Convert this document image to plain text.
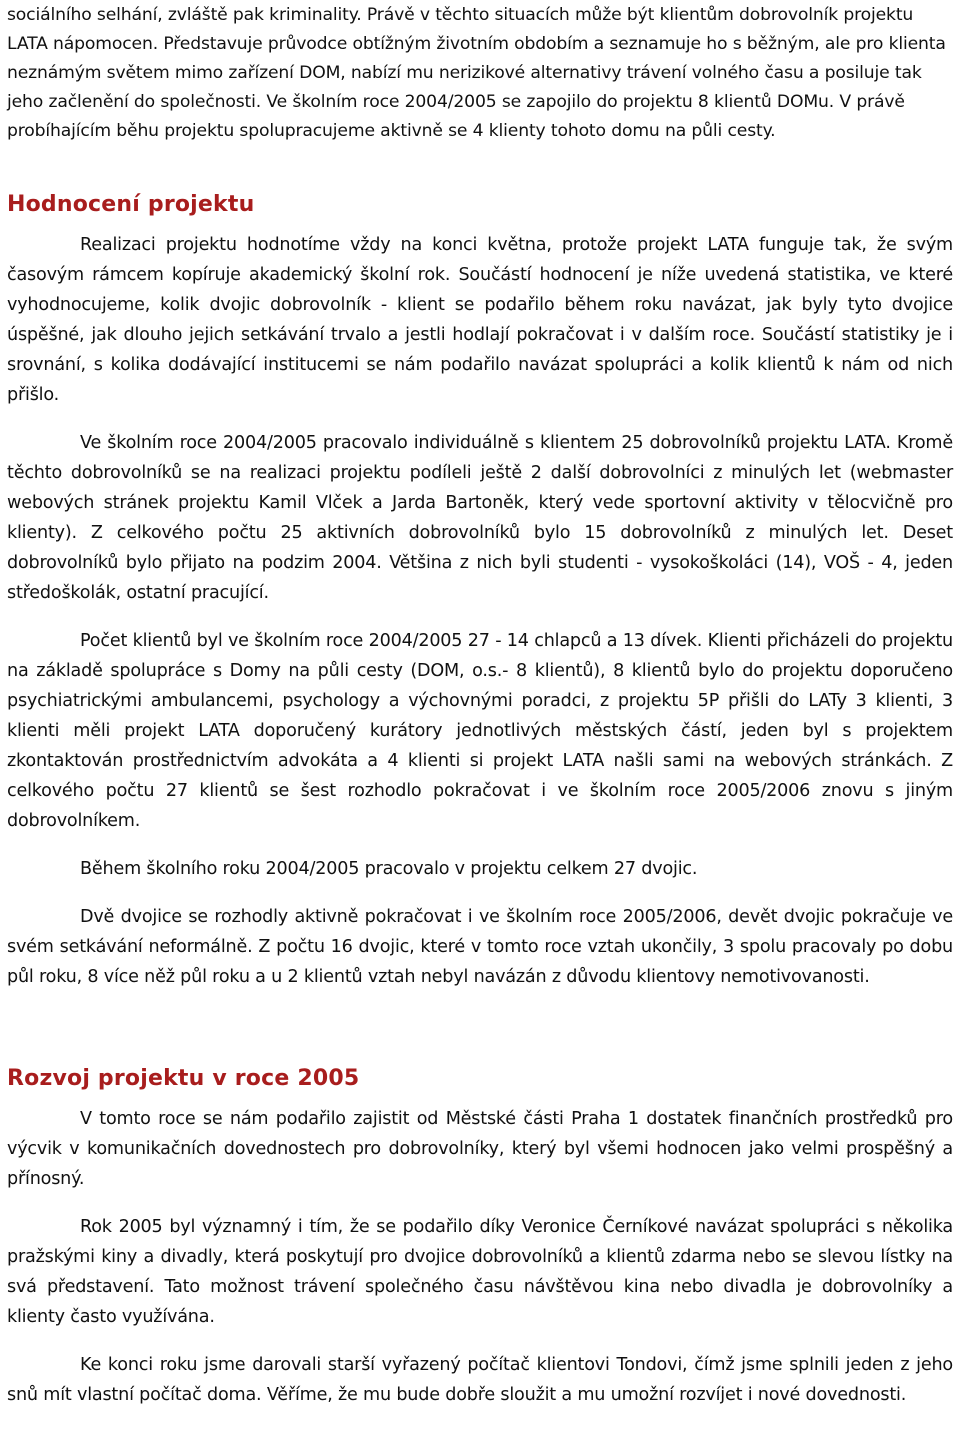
sociálního selhání, zvláště pak kriminality. Právě v těchto situacích může být klientům dobrovolník projektu LATA nápomocen. Představuje průvodce obtížným životním obdobím a seznamuje ho s běžným, ale pro klienta neznámým světem mimo zařízení DOM, nabízí mu nerizikové alternativy trávení volného času a posiluje tak jeho začlenění do společnosti. Ve školním roce 2004/2005 se zapojilo do projektu 8 klientů DOMu. V právě probíhajícím běhu projektu spolupracujeme aktivně se 4 klienty tohoto domu na půli cesty.

Hodnocení projektu

Realizaci projektu hodnotíme vždy na konci května, protože projekt LATA funguje tak, že svým časovým rámcem kopíruje akademický školní rok. Součástí hodnocení je níže uvedená statistika, ve které vyhodnocujeme, kolik dvojic dobrovolník - klient se podařilo během roku navázat, jak byly tyto dvojice úspěšné, jak dlouho jejich setkávání trvalo a jestli hodlají pokračovat i v dalším roce. Součástí statistiky je i srovnání, s kolika dodávající institucemi se nám podařilo navázat spolupráci a kolik klientů k nám od nich přišlo.

Ve školním roce 2004/2005 pracovalo individuálně s klientem 25 dobrovolníků projektu LATA. Kromě těchto dobrovolníků se na realizaci projektu podíleli ještě 2 další dobrovolníci z minulých let (webmaster webových stránek projektu Kamil Vlček a Jarda Bartoněk, který vede sportovní aktivity v tělocvičně pro klienty). Z celkového počtu 25 aktivních dobrovolníků bylo 15 dobrovolníků z minulých let. Deset dobrovolníků bylo přijato na podzim 2004. Většina z nich byli studenti - vysokoškoláci (14), VOŠ - 4, jeden středoškolák, ostatní pracující.

Počet klientů byl ve školním roce 2004/2005 27 - 14 chlapců a 13 dívek. Klienti přicházeli do projektu na základě spolupráce s Domy na půli cesty (DOM, o.s.- 8 klientů), 8 klientů bylo do projektu doporučeno psychiatrickými ambulancemi, psychology a výchovnými poradci, z projektu 5P přišli do LATy 3 klienti, 3 klienti měli projekt LATA doporučený kurátory jednotlivých městských částí, jeden byl s projektem zkontaktován prostřednictvím advokáta a 4 klienti si projekt LATA našli sami na webových stránkách. Z celkového počtu 27 klientů se šest rozhodlo pokračovat i ve školním roce 2005/2006 znovu s jiným dobrovolníkem.

Během školního roku 2004/2005 pracovalo v projektu celkem 27 dvojic.

Dvě dvojice se rozhodly aktivně pokračovat i ve školním roce 2005/2006, devět dvojic pokračuje ve svém setkávání neformálně. Z počtu 16 dvojic, které v tomto roce vztah ukončily, 3 spolu pracovaly po dobu půl roku, 8 více něž půl roku a u 2 klientů vztah nebyl navázán z důvodu klientovy nemotivovanosti.

Rozvoj projektu v roce 2005

V tomto roce se nám podařilo zajistit od Městské části Praha 1 dostatek finančních prostředků pro výcvik v komunikačních dovednostech pro dobrovolníky, který byl všemi hodnocen jako velmi prospěšný a přínosný.

Rok 2005 byl významný i tím, že se podařilo díky Veronice Černíkové navázat spolupráci s několika pražskými kiny a divadly, která poskytují pro dvojice dobrovolníků a klientů zdarma nebo se slevou lístky na svá představení. Tato možnost trávení společného času návštěvou kina nebo divadla je dobrovolníky a klienty často využívána.

Ke konci roku jsme darovali starší vyřazený počítač klientovi Tondovi, čímž jsme splnili jeden z jeho snů mít vlastní počítač doma. Věříme, že mu bude dobře sloužit a mu umožní rozvíjet i nové dovednosti.
